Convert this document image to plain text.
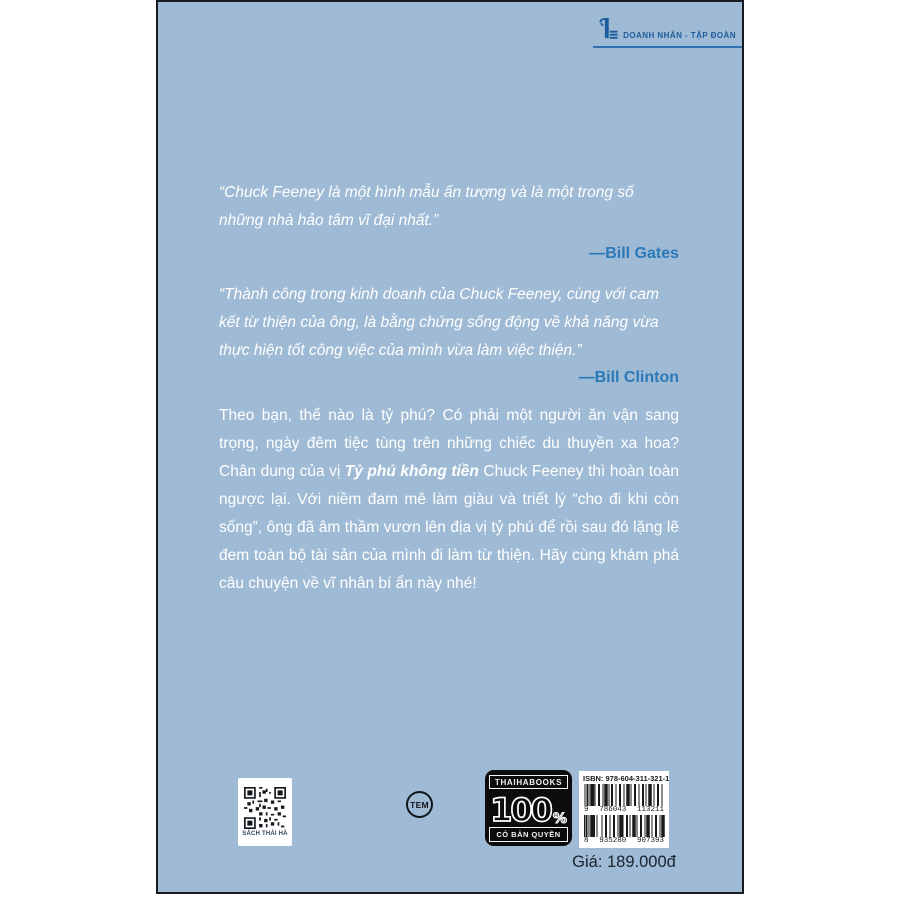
DOANH NHÂN - TẬP ĐOÀN

“Chuck Feeney là một hình mẫu ấn tượng và là một trong số những nhà hảo tâm vĩ đại nhất.”

—Bill Gates

“Thành công trong kinh doanh của Chuck Feeney, cùng với cam kết từ thiện của ông, là bằng chứng sống động về khả năng vừa thực hiện tốt công việc của mình vừa làm việc thiện.”

—Bill Clinton

Theo bạn, thế nào là tỷ phú? Có phải một người ăn vận sang trọng, ngày đêm tiệc tùng trên những chiếc du thuyền xa hoa? Chân dung của vị Tỷ phú không tiền Chuck Feeney thì hoàn toàn ngược lại. Với niềm đam mê làm giàu và triết lý “cho đi khi còn sống”, ông đã âm thầm vươn lên địa vị tỷ phú để rồi sau đó lặng lẽ đem toàn bộ tài sản của mình đi làm từ thiện. Hãy cùng khám phá câu chuyện về vĩ nhân bí ẩn này nhé!

SÁCH THÁI HÀ
TEM
THAIHABOOKS
100 %
CÓ BẢN QUYỀN
ISBN: 978-604-311-321-1
9 786043 113211
8 935280 907393
Giá: 189.000đ
